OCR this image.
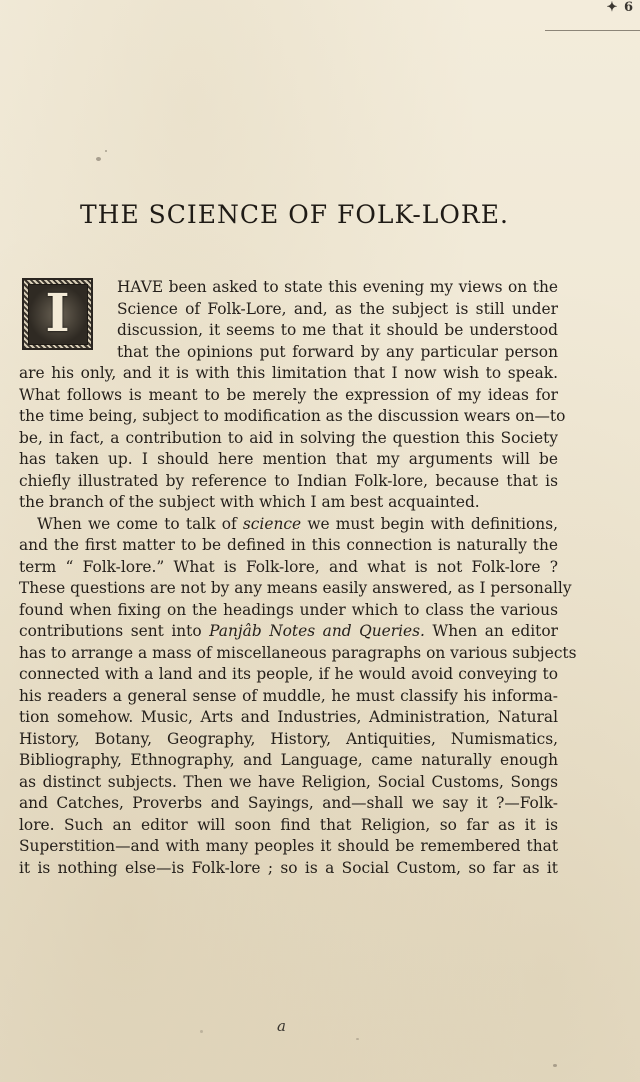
✦ 6
THE SCIENCE OF FOLK-LORE.
I	HAVE been asked to state this evening my views on the
Science of Folk-Lore, and, as the subject is still under
discussion, it seems to me that it should be understood
that the opinions put forward by any particular person
are his only, and it is with this limitation that I now wish to speak.
What follows is meant to be merely the expression of my ideas for
the time being, subject to modification as the discussion wears on—to
be, in fact, a contribution to aid in solving the question this Society
has taken up. I should here mention that my arguments will be
chiefly illustrated by reference to Indian Folk-lore, because that is
the branch of the subject with which I am best acquainted.
When we come to talk of science we must begin with definitions,
and the first matter to be defined in this connection is naturally the
term “ Folk-lore.” What is Folk-lore, and what is not Folk-lore ?
These questions are not by any means easily answered, as I personally
found when fixing on the headings under which to class the various
contributions sent into Panjâb Notes and Queries. When an editor
has to arrange a mass of miscellaneous paragraphs on various subjects
connected with a land and its people, if he would avoid conveying to
his readers a general sense of muddle, he must classify his informa-
tion somehow. Music, Arts and Industries, Administration, Natural
History, Botany, Geography, History, Antiquities, Numismatics,
Bibliography, Ethnography, and Language, came naturally enough
as distinct subjects. Then we have Religion, Social Customs, Songs
and Catches, Proverbs and Sayings, and—shall we say it ?—Folk-
lore. Such an editor will soon find that Religion, so far as it is
Superstition—and with many peoples it should be remembered that
it is nothing else—is Folk-lore ; so is a Social Custom, so far as it
a
